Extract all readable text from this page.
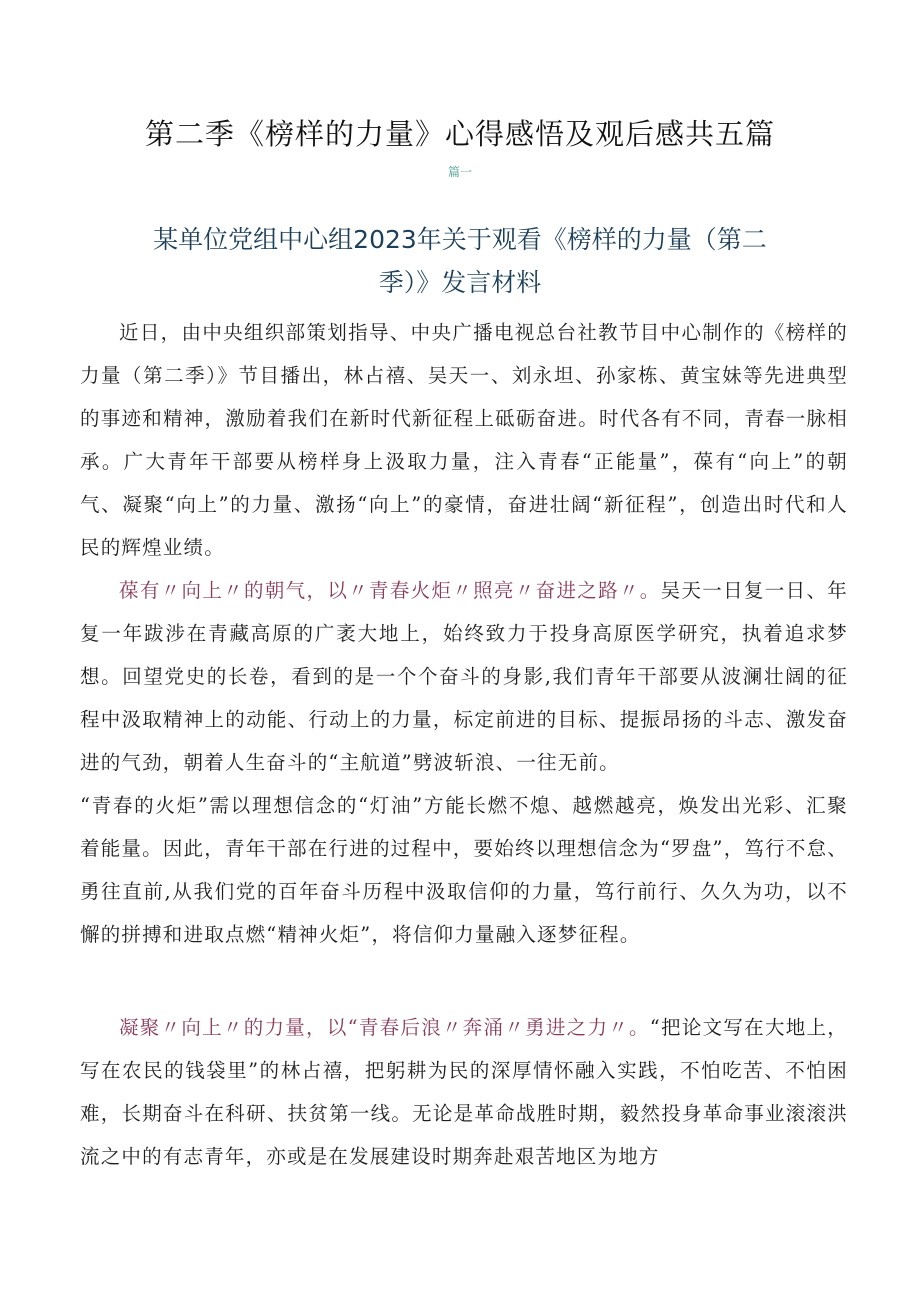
第二季《榜样的力量》心得感悟及观后感共五篇
篇一
某单位党组中心组2023年关于观看《榜样的力量（第二
季）》发言材料

近日，由中央组织部策划指导、中央广播电视总台社教节目中心制作的《榜样的力量（第二季）》节目播出，林占禧、吴天一、刘永坦、孙家栋、黄宝妹等先进典型的事迹和精神，激励着我们在新时代新征程上砥砺奋进。时代各有不同，青春一脉相承。广大青年干部要从榜样身上汲取力量，注入青春“正能量”，葆有“向上”的朝气、凝聚“向上”的力量、激扬“向上”的豪情，奋进壮阔“新征程”，创造出时代和人民的辉煌业绩。

葆有〃向上〃的朝气，以〃青春火炬〃照亮〃奋进之路〃。吴天一日复一日、年复一年跋涉在青藏高原的广袤大地上，始终致力于投身高原医学研究，执着追求梦想。回望党史的长卷，看到的是一个个奋斗的身影,我们青年干部要从波澜壮阔的征程中汲取精神上的动能、行动上的力量，标定前进的目标、提振昂扬的斗志、激发奋进的气劲，朝着人生奋斗的“主航道”劈波斩浪、一往无前。

“青春的火炬”需以理想信念的“灯油”方能长燃不熄、越燃越亮，焕发出光彩、汇聚着能量。因此，青年干部在行进的过程中，要始终以理想信念为“罗盘”，笃行不怠、勇往直前,从我们党的百年奋斗历程中汲取信仰的力量，笃行前行、久久为功，以不懈的拼搏和进取点燃“精神火炬”，将信仰力量融入逐梦征程。

凝聚〃向上〃的力量，以“青春后浪〃奔涌〃勇进之力〃。“把论文写在大地上，写在农民的钱袋里”的林占禧，把躬耕为民的深厚情怀融入实践，不怕吃苦、不怕困难，长期奋斗在科研、扶贫第一线。无论是革命战胜时期，毅然投身革命事业滚滚洪流之中的有志青年，亦或是在发展建设时期奔赴艰苦地区为地方
